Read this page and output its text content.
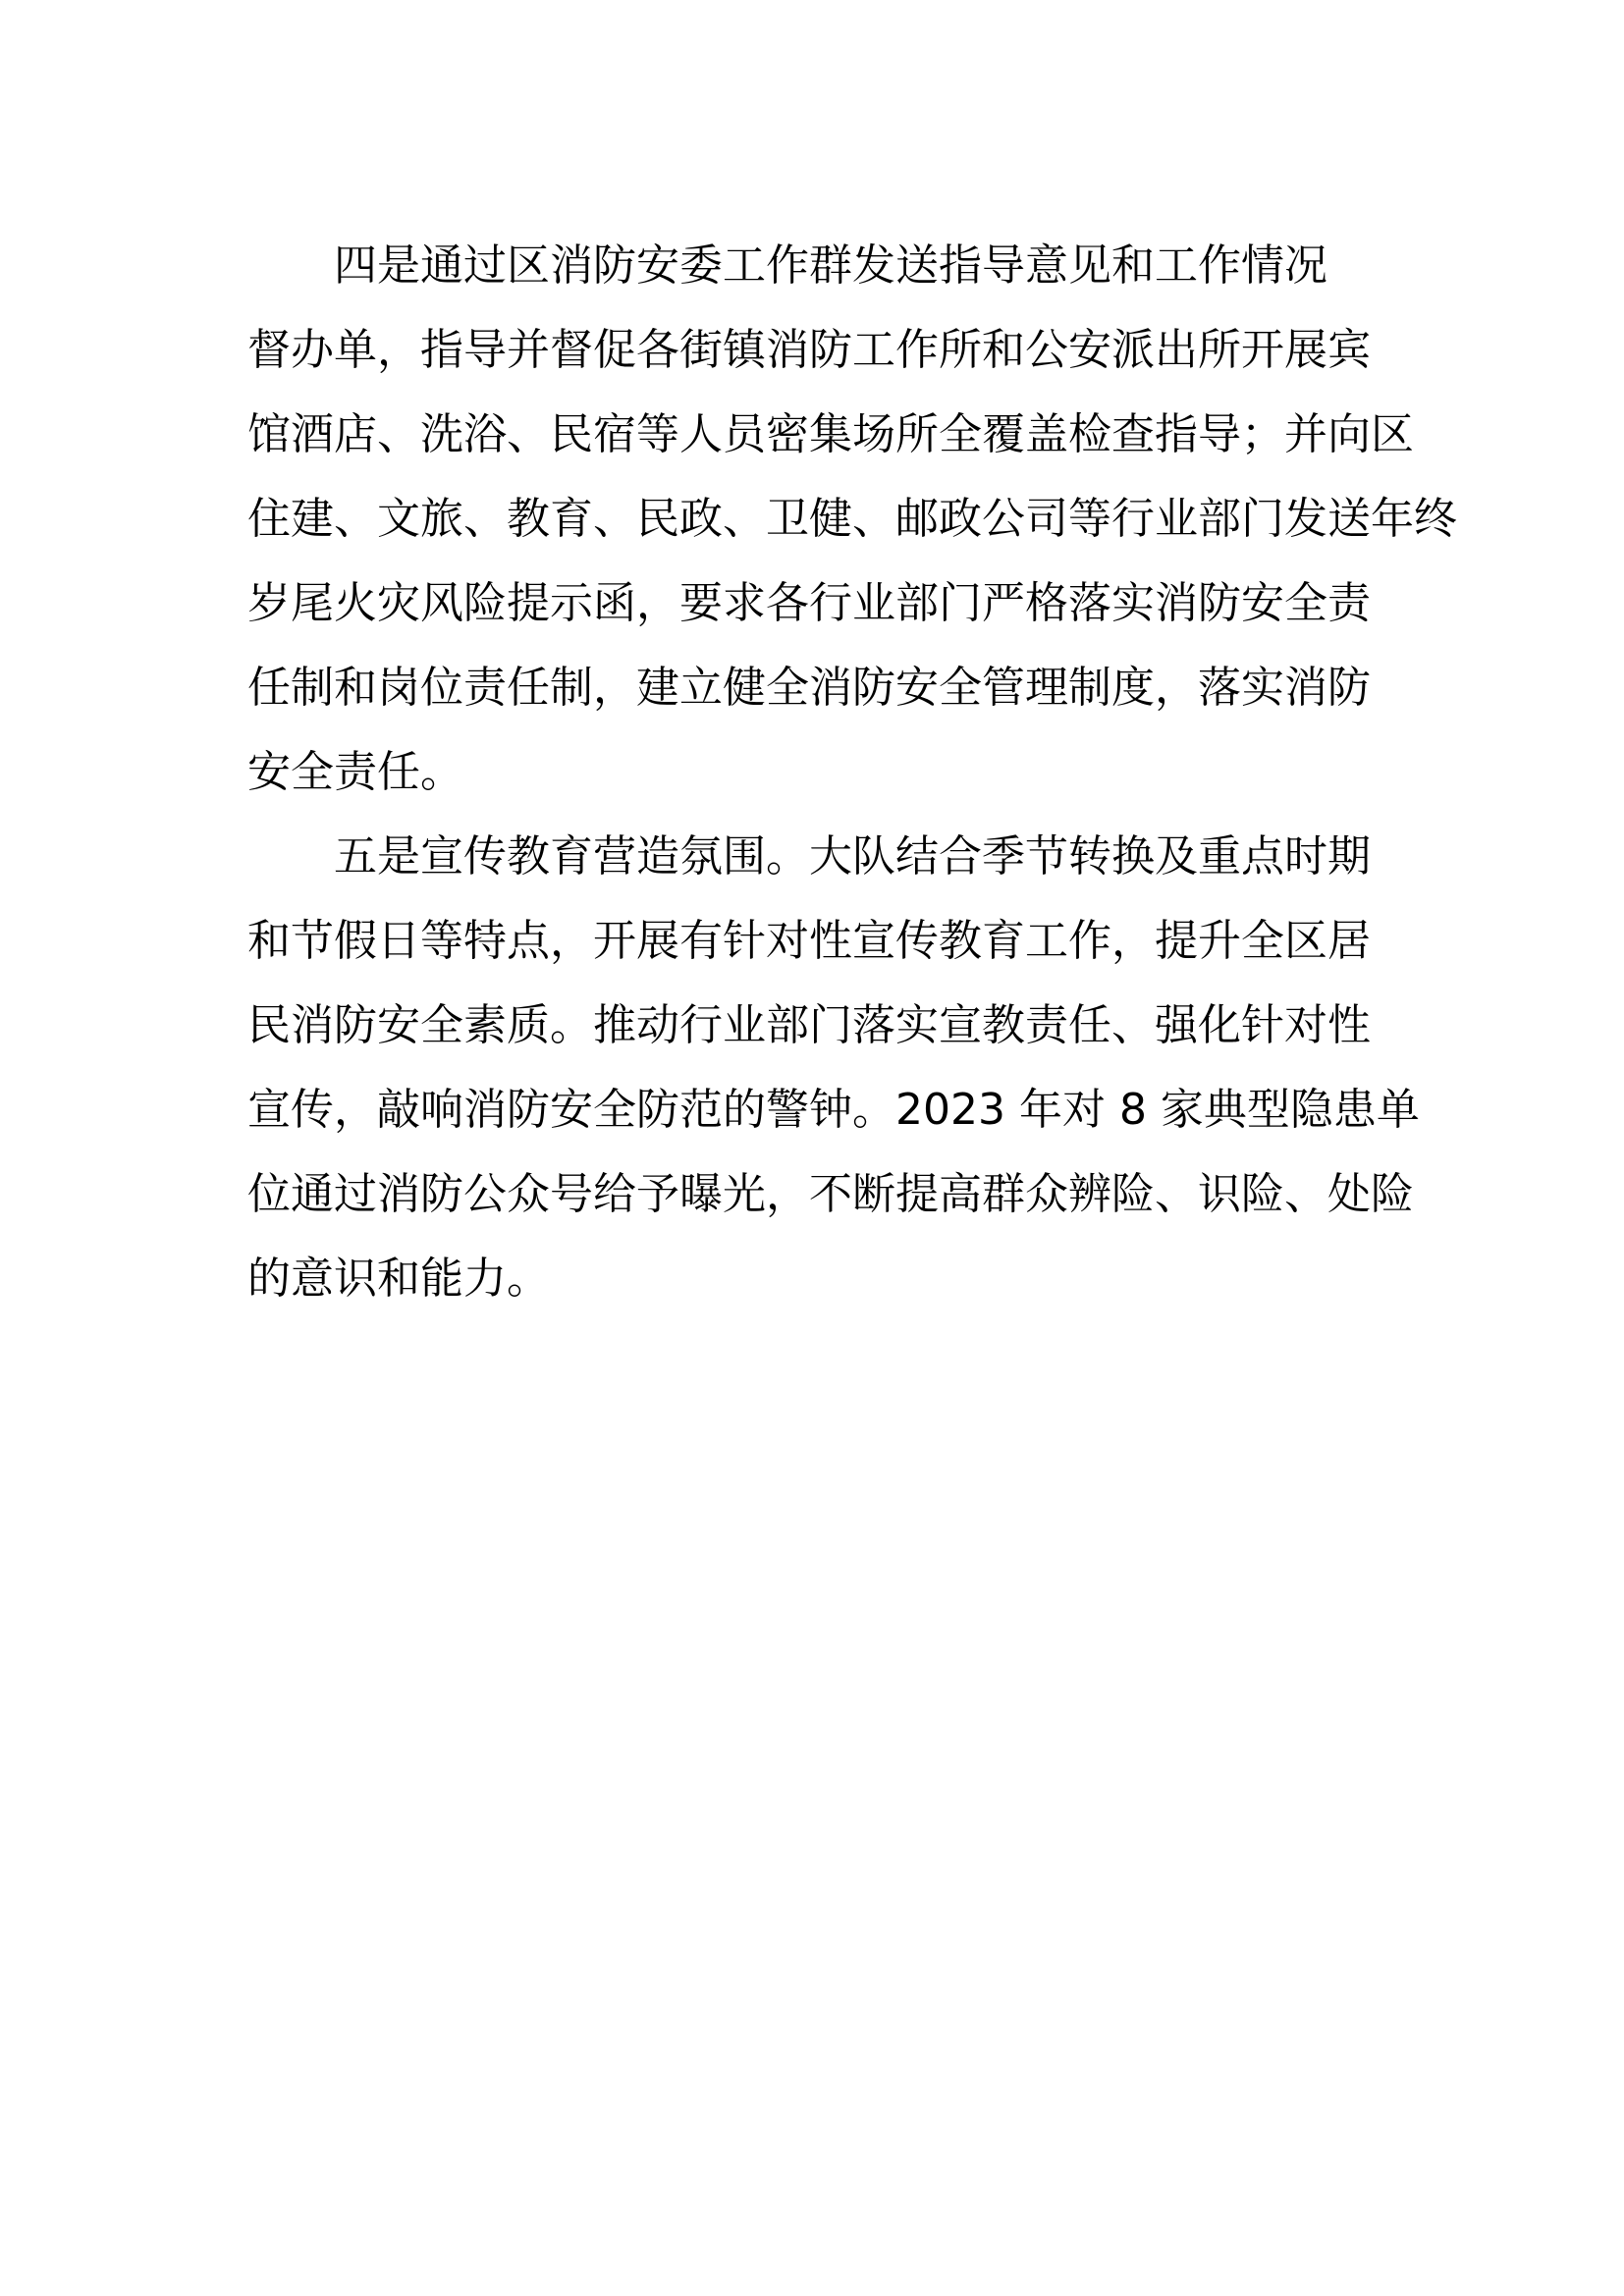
四是通过区消防安委工作群发送指导意见和工作情况
督办单，指导并督促各街镇消防工作所和公安派出所开展宾
馆酒店、洗浴、民宿等人员密集场所全覆盖检查指导；并向区
住建、文旅、教育、民政、卫健、邮政公司等行业部门发送年终
岁尾火灾风险提示函，要求各行业部门严格落实消防安全责
任制和岗位责任制，建立健全消防安全管理制度，落实消防
安全责任。
五是宣传教育营造氛围。大队结合季节转换及重点时期
和节假日等特点，开展有针对性宣传教育工作，提升全区居
民消防安全素质。推动行业部门落实宣教责任、强化针对性
宣传，敲响消防安全防范的警钟。2023 年对 8 家典型隐患单
位通过消防公众号给予曝光，不断提高群众辨险、识险、处险
的意识和能力。
